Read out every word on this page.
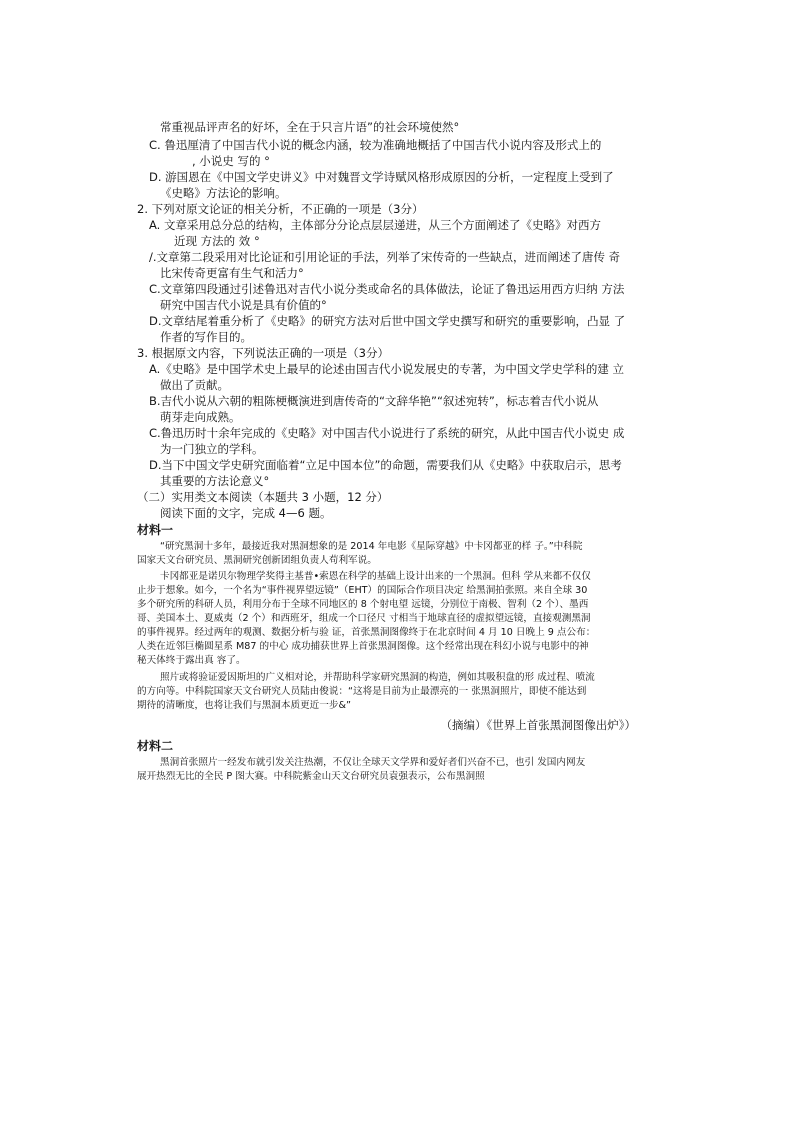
常重视品评声名的好坏，全在于只言片语”的社会环境使然°
C. 鲁迅厘清了中国吉代小说的概念内涵，较为准确地概括了中国吉代小说内容及形式上的
, 小说史 写的 °
D. 游国恩在《中国文学史讲义》中对魏晋文学诗赋风格形成原因的分析，一定程度上受到了
《史略》方法论的影响。
2. 下列对原文论证的相关分析，不正确的一项是（3分）
A. 文章采用总分总的结构，主体部分分论点层层递进，从三个方面阐述了《史略》对西方
近现 方法的 效 °
/.文章第二段采用对比论证和引用论证的手法，列举了宋传奇的一些缺点，进而阐述了唐传 奇
比宋传奇更富有生气和活力°
C.文章第四段通过引述鲁迅对吉代小说分类或命名的具体做法，论证了鲁迅运用西方归纳 方法
研究中国吉代小说是具有价值的°
D.文章结尾着重分析了《史略》的研究方法对后世中国文学史撰写和研究的重要影响，凸显 了
作者的写作目的。
3. 根据原文内容，下列说法正确的一项是（3分）
A.《史略》是中国学术史上最早的论述由国吉代小说发展史的专著，为中国文学史学科的建 立
做出了贡献。
B.吉代小说从六朝的粗陈梗概演进到唐传奇的“文辞华艳”“叙述宛转”，标志着吉代小说从
萌芽走向成熟。
C.鲁迅历时十余年完成的《史略》对中国吉代小说进行了系统的研究，从此中国吉代小说史 成
为一门独立的学科。
D.当下中国文学史研究面临着“立足中国本位”的命题，需要我们从《史略》中获取启示，思考
其重要的方法论意义°
（二）实用类文本阅读（本题共 3 小题，12 分）
阅读下面的文字，完成 4—6 题。
材料一
“研究黑洞十多年，最接近我对黑洞想象的是 2014 年电影《星际穿越》中卡冈都亚的样 子。”中科院
国家天文台研究员、黑洞研究创新团组负责人苟利军说。
卡冈都亚是诺贝尔物理学奖得主基普•索恩在科学的基础上设计出来的一个黑洞。但科 学从来都不仅仅
止步于想象。如今，一个名为“事件视界望远镜”（EHT）的国际合作项目决定 给黑洞拍张照。来自全球 30
多个研究所的科研人员，利用分布于全球不同地区的 8 个射电望 远镜，分别位于南极、智利（2 个）、墨西
哥、美国本土、夏威夷（2 个）和西班牙，组成一个口径尺 寸相当于地球直径的虚拟望远镜，直接观测黑洞
的事件视界。经过两年的观测、数据分析与验 证，首张黑洞图像终于在北京时间 4 月 10 日晚上 9 点公布：
人类在近邻巨椭圆星系 M87 的中心 成功捕获世界上首张黑洞图像。这个经常出现在科幻小说与电影中的神
秘天体终于露出真 容了。
照片或将验证爱因斯坦的广义相对论，并帮助科学家研究黑洞的构造，例如其吸积盘的形 成过程、喷流
的方向等。中科院国家天文台研究人员陆由俊说：“这将是目前为止最漂亮的一 张黑洞照片，即使不能达到
期待的清晰度，也将让我们与黑洞本质更近一步&”
（摘编）《世界上首张黑洞图像出炉》）
材料二
黑洞首张照片一经发布就引发关注热潮，不仅让全球天文学界和爱好者们兴奋不已，也引 发国内网友
展开热烈无比的全民 P 图大赛。中科院紫金山天文台研究员袁强表示，公布黑洞照
